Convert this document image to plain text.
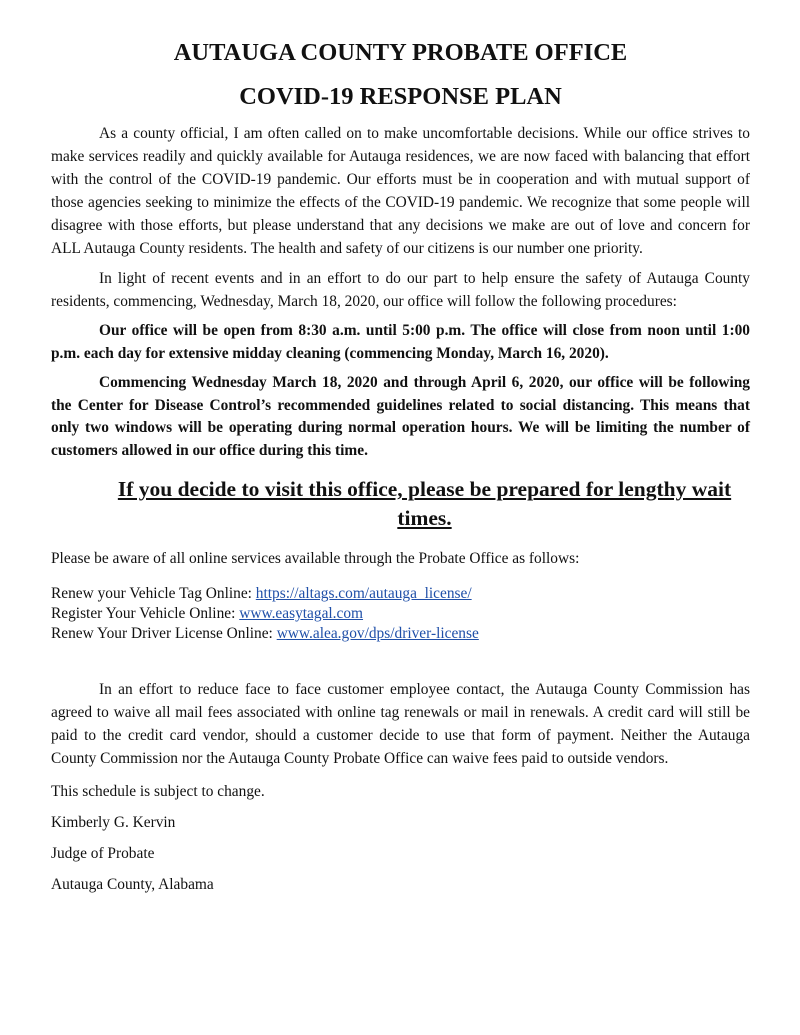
AUTAUGA COUNTY PROBATE OFFICE
COVID-19 RESPONSE PLAN

As a county official, I am often called on to make uncomfortable decisions. While our office strives to make services readily and quickly available for Autauga residences, we are now faced with balancing that effort with the control of the COVID-19 pandemic. Our efforts must be in cooperation and with mutual support of those agencies seeking to minimize the effects of the COVID-19 pandemic. We recognize that some people will disagree with those efforts, but please understand that any decisions we make are out of love and concern for ALL Autauga County residents. The health and safety of our citizens is our number one priority.

In light of recent events and in an effort to do our part to help ensure the safety of Autauga County residents, commencing, Wednesday, March 18, 2020, our office will follow the following procedures:

Our office will be open from 8:30 a.m. until 5:00 p.m. The office will close from noon until 1:00 p.m. each day for extensive midday cleaning (commencing Monday, March 16, 2020).

Commencing Wednesday March 18, 2020 and through April 6, 2020, our office will be following the Center for Disease Control’s recommended guidelines related to social distancing. This means that only two windows will be operating during normal operation hours. We will be limiting the number of customers allowed in our office during this time.

If you decide to visit this office, please be prepared for lengthy wait times.

Please be aware of all online services available through the Probate Office as follows:

Renew your Vehicle Tag Online: https://altags.com/autauga_license/
Register Your Vehicle Online: www.easytagal.com
Renew Your Driver License Online: www.alea.gov/dps/driver-license

In an effort to reduce face to face customer employee contact, the Autauga County Commission has agreed to waive all mail fees associated with online tag renewals or mail in renewals. A credit card will still be paid to the credit card vendor, should a customer decide to use that form of payment. Neither the Autauga County Commission nor the Autauga County Probate Office can waive fees paid to outside vendors.

This schedule is subject to change.

Kimberly G. Kervin

Judge of Probate

Autauga County, Alabama
